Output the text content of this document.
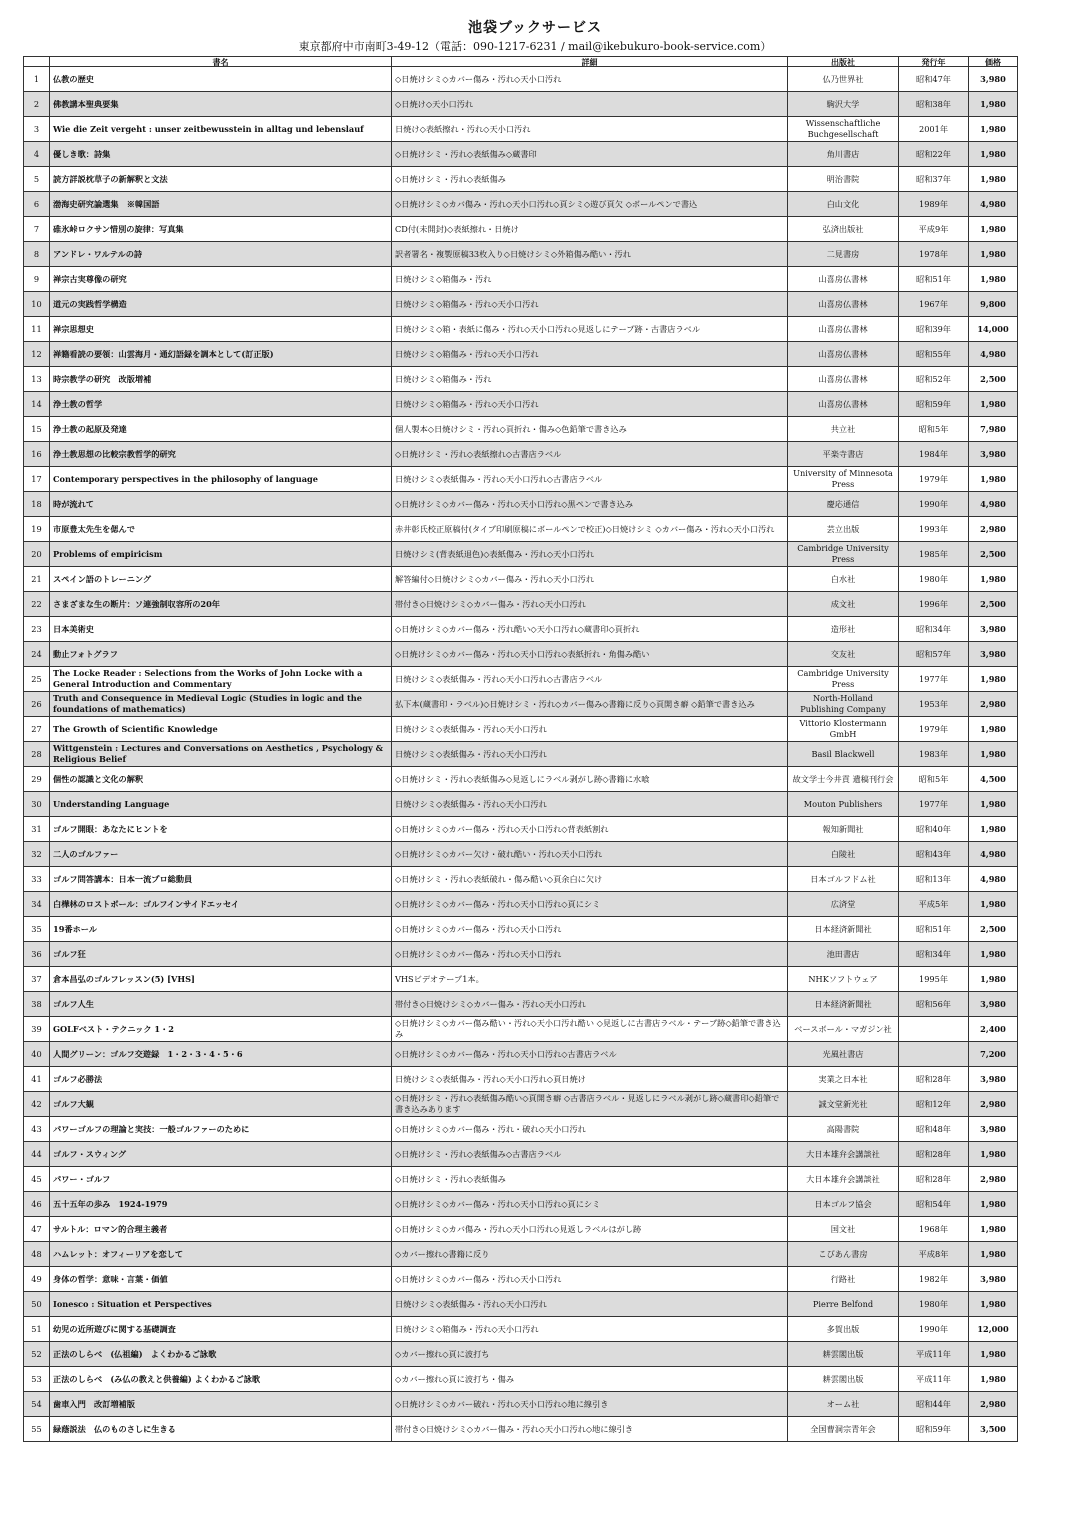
池袋ブックサービス
東京都府中市南町3-49-12（電話：090-1217-6231 / mail@ikebukuro-book-service.com）
	書名	詳細	出版社	発行年	価格
1	仏教の歴史	◇日焼けシミ◇カバー傷み・汚れ◇天小口汚れ	仏乃世界社	昭和47年	3,980
2	佛教講本聖典要集	◇日焼け◇天小口汚れ	駒沢大学	昭和38年	1,980
3	Wie die Zeit vergeht : unser zeitbewusstein in alltag und lebenslauf	日焼け◇表紙擦れ・汚れ◇天小口汚れ	Wissenschaftliche Buchgesellschaft	2001年	1,980
4	優しき歌：詩集	◇日焼けシミ・汚れ◇表紙傷み◇蔵書印	角川書店	昭和22年	1,980
5	読方詳説枕草子の新解釈と文法	◇日焼けシミ・汚れ◇表紙傷み	明治書院	昭和37年	1,980
6	渤海史研究論選集　※韓国語	◇日焼けシミ◇カバ傷み・汚れ◇天小口汚れ◇頁シミ◇遊び頁欠 ◇ボールペンで書込	白山文化	1989年	4,980
7	碓氷峠ロクサン惜別の旋律：写真集	CD付(未開封)◇表紙擦れ・日焼け	弘済出版社	平成9年	1,980
8	アンドレ・ワルテルの詩	訳者署名・複製原稿33枚入り◇日焼けシミ◇外箱傷み酷い・汚れ	二見書房	1978年	1,980
9	禅宗古実尊像の研究	日焼けシミ◇箱傷み・汚れ	山喜房仏書林	昭和51年	1,980
10	道元の実践哲学構造	日焼けシミ◇箱傷み・汚れ◇天小口汚れ	山喜房仏書林	1967年	9,800
11	禅宗思想史	日焼けシミ◇箱・表紙に傷み・汚れ◇天小口汚れ◇見返しにテープ跡・古書店ラベル	山喜房仏書林	昭和39年	14,000
12	禅籍看読の要領：山雲海月・通幻語録を調本として(訂正版)	日焼けシミ◇箱傷み・汚れ◇天小口汚れ	山喜房仏書林	昭和55年	4,980
13	時宗教学の研究　改版増補	日焼けシミ◇箱傷み・汚れ	山喜房仏書林	昭和52年	2,500
14	浄土教の哲学	日焼けシミ◇箱傷み・汚れ◇天小口汚れ	山喜房仏書林	昭和59年	1,980
15	浄土教の起原及発達	個人製本◇日焼けシミ・汚れ◇頁折れ・傷み◇色鉛筆で書き込み	共立社	昭和5年	7,980
16	浄土教思想の比較宗教哲学的研究	◇日焼けシミ・汚れ◇表紙擦れ◇古書店ラベル	平楽寺書店	1984年	3,980
17	Contemporary perspectives in the philosophy of language	日焼けシミ◇表紙傷み・汚れ◇天小口汚れ◇古書店ラベル	University of Minnesota Press	1979年	1,980
18	時が流れて	◇日焼けシミ◇カバー傷み・汚れ◇天小口汚れ◇黒ペンで書き込み	慶応通信	1990年	4,980
19	市原豊太先生を偲んで	赤井彰氏校正原稿付(タイプ印刷原稿にボールペンで校正)◇日焼けシミ ◇カバー傷み・汚れ◇天小口汚れ	芸立出版	1993年	2,980
20	Problems of empiricism	日焼けシミ(背表紙退色)◇表紙傷み・汚れ◇天小口汚れ	Cambridge University Press	1985年	2,500
21	スペイン語のトレーニング	解答編付◇日焼けシミ◇カバー傷み・汚れ◇天小口汚れ	白水社	1980年	1,980
22	さまざまな生の断片：ソ連強制収容所の20年	帯付き◇日焼けシミ◇カバー傷み・汚れ◇天小口汚れ	成文社	1996年	2,500
23	日本美術史	◇日焼けシミ◇カバー傷み・汚れ酷い◇天小口汚れ◇蔵書印◇頁折れ	造形社	昭和34年	3,980
24	動止フォトグラフ	◇日焼けシミ◇カバー傷み・汚れ◇天小口汚れ◇表紙折れ・角傷み酷い	交友社	昭和57年	3,980
25	The Locke Reader : Selections from the Works of John Locke with a General Introduction and Commentary	日焼けシミ◇表紙傷み・汚れ◇天小口汚れ◇古書店ラベル	Cambridge University Press	1977年	1,980
26	Truth and Consequence in Medieval Logic (Studies in logic and the foundations of mathematics)	払下本(蔵書印・ラベル)◇日焼けシミ・汚れ◇カバー傷み◇書籍に反り◇頁開き癖 ◇鉛筆で書き込み	North-Holland Publishing Company	1953年	2,980
27	The Growth of Scientific Knowledge	日焼けシミ◇表紙傷み・汚れ◇天小口汚れ	Vittorio Klostermann GmbH	1979年	1,980
28	Wittgenstein : Lectures and Conversations on Aesthetics , Psychology & Religious Belief	日焼けシミ◇表紙傷み・汚れ◇天小口汚れ	Basil Blackwell	1983年	1,980
29	個性の認識と文化の解釈	◇日焼けシミ・汚れ◇表紙傷み◇見返しにラベル剥がし跡◇書籍に水喰	故文学士今井貢 遺稿刊行会	昭和5年	4,500
30	Understanding Language	日焼けシミ◇表紙傷み・汚れ◇天小口汚れ	Mouton Publishers	1977年	1,980
31	ゴルフ開眼：あなたにヒントを	◇日焼けシミ◇カバー傷み・汚れ◇天小口汚れ◇背表紙割れ	報知新聞社	昭和40年	1,980
32	二人のゴルファー	◇日焼けシミ◇カバー欠け・破れ酷い・汚れ◇天小口汚れ	白陵社	昭和43年	4,980
33	ゴルフ問答講本：日本一流プロ総動員	◇日焼けシミ・汚れ◇表紙破れ・傷み酷い◇頁余白に欠け	日本ゴルフドム社	昭和13年	4,980
34	白樺林のロストボール：ゴルフインサイドエッセイ	◇日焼けシミ◇カバー傷み・汚れ◇天小口汚れ◇頁にシミ	広済堂	平成5年	1,980
35	19番ホール	◇日焼けシミ◇カバー傷み・汚れ◇天小口汚れ	日本経済新聞社	昭和51年	2,500
36	ゴルフ狂	◇日焼けシミ◇カバー傷み・汚れ◇天小口汚れ	池田書店	昭和34年	1,980
37	倉本昌弘のゴルフレッスン(5) [VHS]	VHSビデオテープ1本。	NHKソフトウェア	1995年	1,980
38	ゴルフ人生	帯付き◇日焼けシミ◇カバー傷み・汚れ◇天小口汚れ	日本経済新聞社	昭和56年	3,980
39	GOLFベスト・テクニック 1・2	◇日焼けシミ◇カバー傷み酷い・汚れ◇天小口汚れ酷い ◇見返しに古書店ラベル・テープ跡◇鉛筆で書き込み	ベースボール・マガジン社		2,400
40	人間グリーン：ゴルフ交遊録　1・2・3・4・5・6	◇日焼けシミ◇カバー傷み・汚れ◇天小口汚れ◇古書店ラベル	光風社書店		7,200
41	ゴルフ必勝法	日焼けシミ◇表紙傷み・汚れ◇天小口汚れ◇頁日焼け	実業之日本社	昭和28年	3,980
42	ゴルフ大観	◇日焼けシミ・汚れ◇表紙傷み酷い◇頁開き癖 ◇古書店ラベル・見返しにラベル剥がし跡◇蔵書印◇鉛筆で書き込みあります	誠文堂新光社	昭和12年	2,980
43	パワーゴルフの理論と実技：一般ゴルファーのために	◇日焼けシミ◇カバー傷み・汚れ・破れ◇天小口汚れ	高陽書院	昭和48年	3,980
44	ゴルフ・スウィング	◇日焼けシミ・汚れ◇表紙傷み◇古書店ラベル	大日本雄弁会講談社	昭和28年	1,980
45	パワー・ゴルフ	◇日焼けシミ・汚れ◇表紙傷み	大日本雄弁会講談社	昭和28年	2,980
46	五十五年の歩み　1924-1979	◇日焼けシミ◇カバー傷み・汚れ◇天小口汚れ◇頁にシミ	日本ゴルフ協会	昭和54年	1,980
47	サルトル：ロマン的合理主義者	◇日焼けシミ◇カバ傷み・汚れ◇天小口汚れ◇見返しラベルはがし跡	国文社	1968年	1,980
48	ハムレット：オフィーリアを恋して	◇カバー擦れ◇書籍に反り	こびあん書房	平成8年	1,980
49	身体の哲学：意味・言葉・価値	◇日焼けシミ◇カバー傷み・汚れ◇天小口汚れ	行路社	1982年	3,980
50	Ionesco : Situation et Perspectives	日焼けシミ◇表紙傷み・汚れ◇天小口汚れ	Pierre Belfond	1980年	1,980
51	幼児の近所遊びに関する基礎調査	日焼けシミ◇箱傷み・汚れ◇天小口汚れ	多賀出版	1990年	12,000
52	正法のしらべ　(仏祖編)　よくわかるご詠歌	◇カバー擦れ◇頁に波打ち	耕雲閣出版	平成11年	1,980
53	正法のしらべ　(み仏の教えと供養編) よくわかるご詠歌	◇カバー擦れ◇頁に波打ち・傷み	耕雲閣出版	平成11年	1,980
54	歯車入門　改訂増補版	◇日焼けシミ◇カバー破れ・汚れ◇天小口汚れ◇地に線引き	オーム社	昭和44年	2,980
55	緑蔭説法　仏のものさしに生きる	帯付き◇日焼けシミ◇カバー傷み・汚れ◇天小口汚れ◇地に線引き	全国曹洞宗青年会	昭和59年	3,500
